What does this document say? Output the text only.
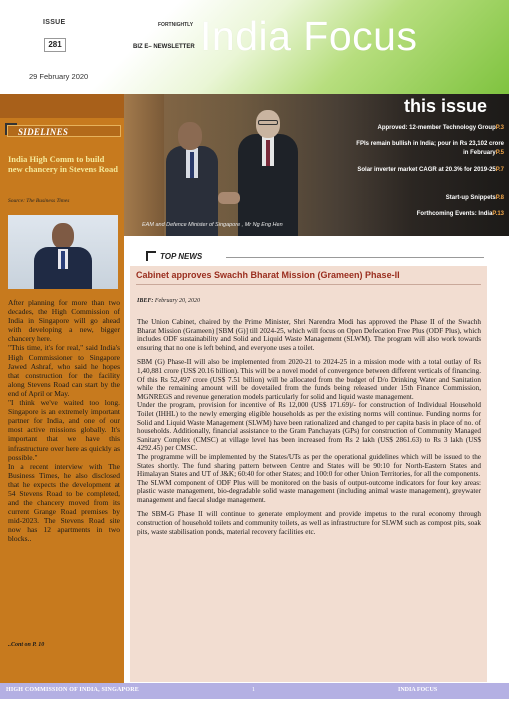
ISSUE
281
FORTNIGHTLY
BIZ E– NEWSLETTER India Focus
29 February 2020
SIDELINES
India High Comm to build new chancery in Stevens Road
Source: The Business Times

After planning for more than two decades, the High Commission of India in Singapore will go ahead with developing a new, bigger chancery here.

"This time, it's for real," said India's High Commissioner to Singapore Jawed Ashraf, who said he hopes that construction for the facility along Stevens Road can start by the end of April or May.

"I think we've waited too long. Singapore is an extremely important partner for India, and one of our most active missions globally. It's important that we have this infrastructure over here as quickly as possible."

In a recent interview with The Business Times, he also disclosed that he expects the development at 54 Stevens Road to be completed, and the chancery moved from its current Grange Road premises by mid-2023. The Stevens Road site now has 12 apartments in two blocks..

..Cont on P. 10
EAM and Defence Minister of Singapore , Mr Ng Eng Hen
this issue
Approved: 12-member Technology GroupP.3
FPIs remain bullish in India; pour in Rs 23,102 crore in FebruaryP.5
Solar inverter market CAGR at 20.3% for 2019-25P.7
Start-up SnippetsP.8
Forthcoming Events: IndiaP.13
TOP NEWS
Cabinet approves Swachh Bharat Mission (Grameen) Phase-II
IBEF: February 20, 2020

The Union Cabinet, chaired by the Prime Minister, Shri Narendra Modi has approved the Phase II of the Swachh Bharat Mission (Grameen) [SBM (G)] till 2024-25, which will focus on Open Defecation Free Plus (ODF Plus), which includes ODF sustainability and Solid and Liquid Waste Management (SLWM). The program will also work towards ensuring that no one is left behind, and everyone uses a toilet.

SBM (G) Phase-II will also be implemented from 2020-21 to 2024-25 in a mission mode with a total outlay of Rs 1,40,881 crore (US$ 20.16 billion). This will be a novel model of convergence between different verticals of financing. Of this Rs 52,497 crore (US$ 7.51 billion) will be allocated from the budget of D/o Drinking Water and Sanitation while the remaining amount will be dovetailed from the funds being released under 15th Finance Commission, MGNREGS and revenue generation models particularly for solid and liquid waste management.

Under the program, provision for incentive of Rs 12,000 (US$ 171.69)/- for construction of Individual Household Toilet (IHHL) to the newly emerging eligible households as per the existing norms will continue. Funding norms for Solid and Liquid Waste Management (SLWM) have been rationalized and changed to per capita basis in place of no. of households. Additionally, financial assistance to the Gram Panchayats (GPs) for construction of Community Managed Sanitary Complex (CMSC) at village level has been increased from Rs 2 lakh (US$ 2861.63) to Rs 3 lakh (US$ 4292.45) per CMSC.

The programme will be implemented by the States/UTs as per the operational guidelines which will be issued to the States shortly. The fund sharing pattern between Centre and States will be 90:10 for North-Eastern States and Himalayan States and UT of J&K; 60:40 for other States; and 100:0 for other Union Territories, for all the components.

The SLWM component of ODF Plus will be monitored on the basis of output-outcome indicators for four key areas: plastic waste management, bio-degradable solid waste management (including animal waste management), greywater management and faecal sludge management.

The SBM-G Phase II will continue to generate employment and provide impetus to the rural economy through construction of household toilets and community toilets, as well as infrastructure for SLWM such as compost pits, soak pits, waste stabilisation ponds, material recovery facilities etc.

HIGH COMMISSION OF INDIA, SINGAPORE	1	INDIA FOCUS
